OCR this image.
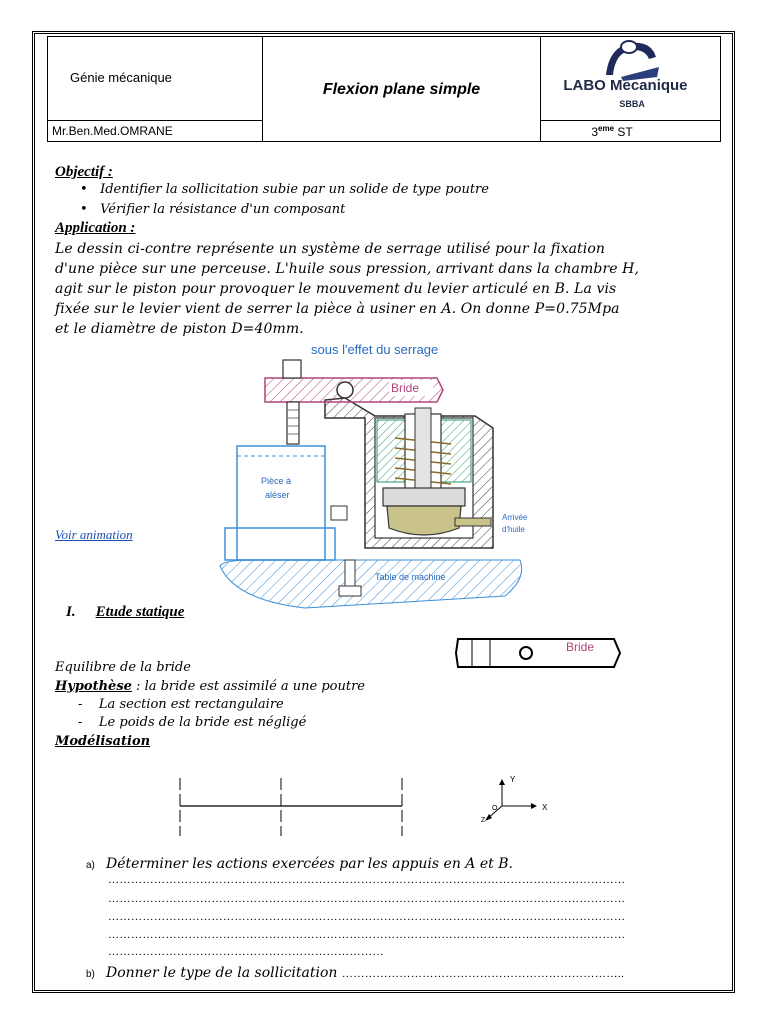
Génie mécanique	Flexion plane simple	LABO Mecanique
SBBA

Mr.Ben.Med.OMRANE		3eme ST
Objectif :
•   Identifier la sollicitation subie par un solide de type poutre
•   Vérifier la résistance d'un composant
Application :
Le dessin ci-contre représente un système de serrage utilisé pour la fixation
d'une pièce sur une perceuse. L'huile sous pression, arrivant dans la chambre H,
agit sur le piston pour provoquer le mouvement du levier articulé en B. La vis
fixée sur le levier vient de serrer la pièce à usiner en A. On donne P=0.75Mpa
et le diamètre de piston D=40mm.
sous l'effet du serrage
Table de machine
Pièce à
aléser
Arrivée
d'huile
Bride
Voir animation
I. Etude statique
Bride
Equilibre de la bride
Hypothèse : la bride est assimilé a une poutre
-    La section est rectangulaire
-    Le poids de la bride est négligé
Modélisation
Y
X
Z
O
a) Déterminer les actions exercées par les appuis en A et B.
………………………………………………………………………………………………………………………
………………………………………………………………………………………………………………………
………………………………………………………………………………………………………………………
………………………………………………………………………………………………………………………
………………………………………………………………
b) Donner le type de la sollicitation ………………………………………………………………..
